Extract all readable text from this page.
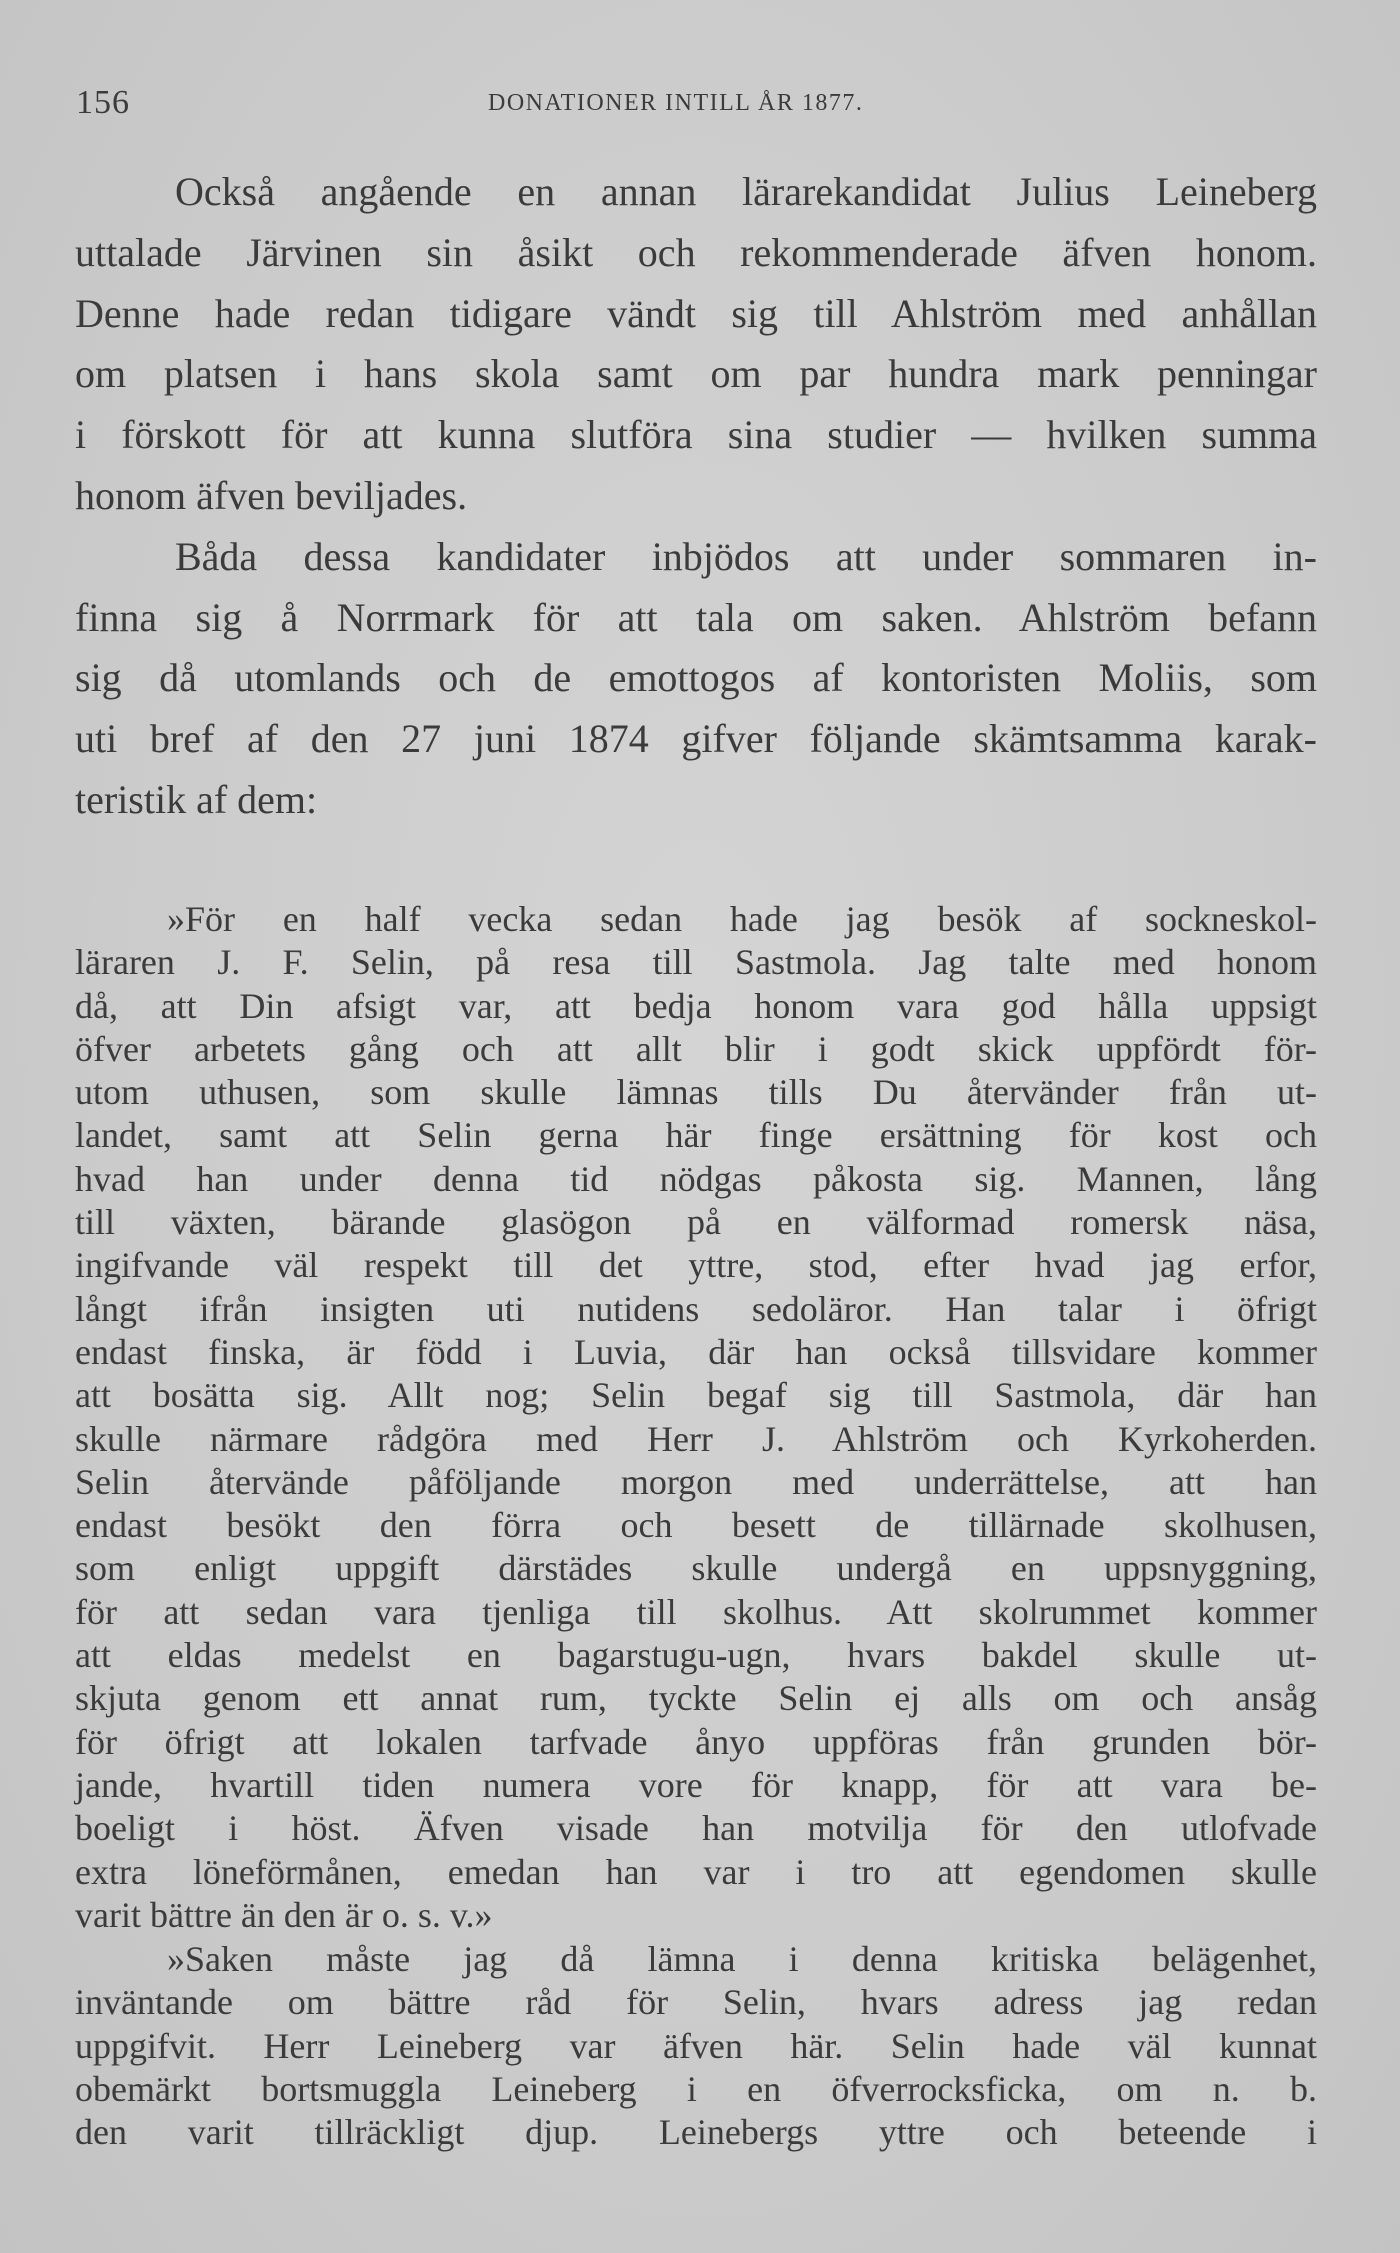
156	DONATIONER INTILL ÅR 1877.
Också angående en annan lärarekandidat Julius Leineberg
uttalade Järvinen sin åsikt och rekommenderade äfven honom.
Denne hade redan tidigare vändt sig till Ahlström med anhållan
om platsen i hans skola samt om par hundra mark penningar
i förskott för att kunna slutföra sina studier — hvilken summa
honom äfven beviljades.
Båda dessa kandidater inbjödos att under sommaren in-
finna sig å Norrmark för att tala om saken. Ahlström befann
sig då utomlands och de emottogos af kontoristen Moliis, som
uti bref af den 27 juni 1874 gifver följande skämtsamma karak-
teristik af dem:
»För en half vecka sedan hade jag besök af sockneskol-
läraren J. F. Selin, på resa till Sastmola. Jag talte med honom
då, att Din afsigt var, att bedja honom vara god hålla uppsigt
öfver arbetets gång och att allt blir i godt skick uppfördt för-
utom uthusen, som skulle lämnas tills Du återvänder från ut-
landet, samt att Selin gerna här finge ersättning för kost och
hvad han under denna tid nödgas påkosta sig. Mannen, lång
till växten, bärande glasögon på en välformad romersk näsa,
ingifvande väl respekt till det yttre, stod, efter hvad jag erfor,
långt ifrån insigten uti nutidens sedoläror. Han talar i öfrigt
endast finska, är född i Luvia, där han också tillsvidare kommer
att bosätta sig. Allt nog; Selin begaf sig till Sastmola, där han
skulle närmare rådgöra med Herr J. Ahlström och Kyrkoherden.
Selin återvände påföljande morgon med underrättelse, att han
endast besökt den förra och besett de tillärnade skolhusen,
som enligt uppgift därstädes skulle undergå en uppsnyggning,
för att sedan vara tjenliga till skolhus. Att skolrummet kommer
att eldas medelst en bagarstugu-ugn, hvars bakdel skulle ut-
skjuta genom ett annat rum, tyckte Selin ej alls om och ansåg
för öfrigt att lokalen tarfvade ånyo uppföras från grunden bör-
jande, hvartill tiden numera vore för knapp, för att vara be-
boeligt i höst. Äfven visade han motvilja för den utlofvade
extra löneförmånen, emedan han var i tro att egendomen skulle
varit bättre än den är o. s. v.»
»Saken måste jag då lämna i denna kritiska belägenhet,
inväntande om bättre råd för Selin, hvars adress jag redan
uppgifvit. Herr Leineberg var äfven här. Selin hade väl kunnat
obemärkt bortsmuggla Leineberg i en öfverrocksficka, om n. b.
den varit tillräckligt djup. Leinebergs yttre och beteende i
